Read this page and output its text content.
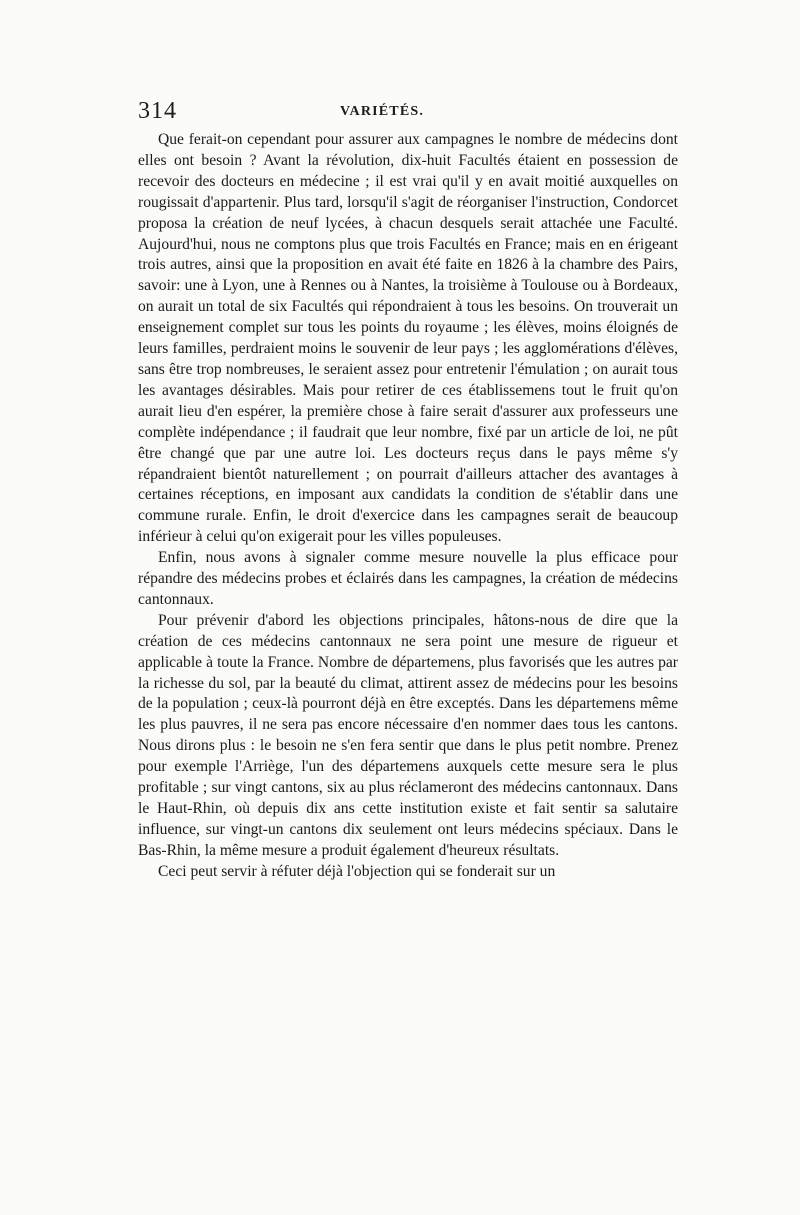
314	VARIÉTÉS.

Que ferait-on cependant pour assurer aux campagnes le nombre de médecins dont elles ont besoin ? Avant la révolution, dix-huit Facultés étaient en possession de recevoir des docteurs en médecine ; il est vrai qu'il y en avait moitié auxquelles on rougissait d'appartenir. Plus tard, lorsqu'il s'agit de réorganiser l'instruction, Condorcet proposa la création de neuf lycées, à chacun desquels serait attachée une Faculté. Aujourd'hui, nous ne comptons plus que trois Facultés en France; mais en en érigeant trois autres, ainsi que la proposition en avait été faite en 1826 à la chambre des Pairs, savoir: une à Lyon, une à Rennes ou à Nantes, la troisième à Toulouse ou à Bordeaux, on aurait un total de six Facultés qui répondraient à tous les besoins. On trouverait un enseignement complet sur tous les points du royaume ; les élèves, moins éloignés de leurs familles, perdraient moins le souvenir de leur pays ; les agglomérations d'élèves, sans être trop nombreuses, le seraient assez pour entretenir l'émulation ; on aurait tous les avantages désirables. Mais pour retirer de ces établissemens tout le fruit qu'on aurait lieu d'en espérer, la première chose à faire serait d'assurer aux professeurs une complète indépendance ; il faudrait que leur nombre, fixé par un article de loi, ne pût être changé que par une autre loi. Les docteurs reçus dans le pays même s'y répandraient bientôt naturellement ; on pourrait d'ailleurs attacher des avantages à certaines réceptions, en imposant aux candidats la condition de s'établir dans une commune rurale. Enfin, le droit d'exercice dans les campagnes serait de beaucoup inférieur à celui qu'on exigerait pour les villes populeuses.

Enfin, nous avons à signaler comme mesure nouvelle la plus efficace pour répandre des médecins probes et éclairés dans les campagnes, la création de médecins cantonnaux.

Pour prévenir d'abord les objections principales, hâtons-nous de dire que la création de ces médecins cantonnaux ne sera point une mesure de rigueur et applicable à toute la France. Nombre de départemens, plus favorisés que les autres par la richesse du sol, par la beauté du climat, attirent assez de médecins pour les besoins de la population ; ceux-là pourront déjà en être exceptés. Dans les départemens même les plus pauvres, il ne sera pas encore nécessaire d'en nommer daes tous les cantons. Nous dirons plus : le besoin ne s'en fera sentir que dans le plus petit nombre. Prenez pour exemple l'Arriège, l'un des départemens auxquels cette mesure sera le plus profitable ; sur vingt cantons, six au plus réclameront des médecins cantonnaux. Dans le Haut-Rhin, où depuis dix ans cette institution existe et fait sentir sa salutaire influence, sur vingt-un cantons dix seulement ont leurs médecins spéciaux. Dans le Bas-Rhin, la même mesure a produit également d'heureux résultats.

Ceci peut servir à réfuter déjà l'objection qui se fonderait sur un
